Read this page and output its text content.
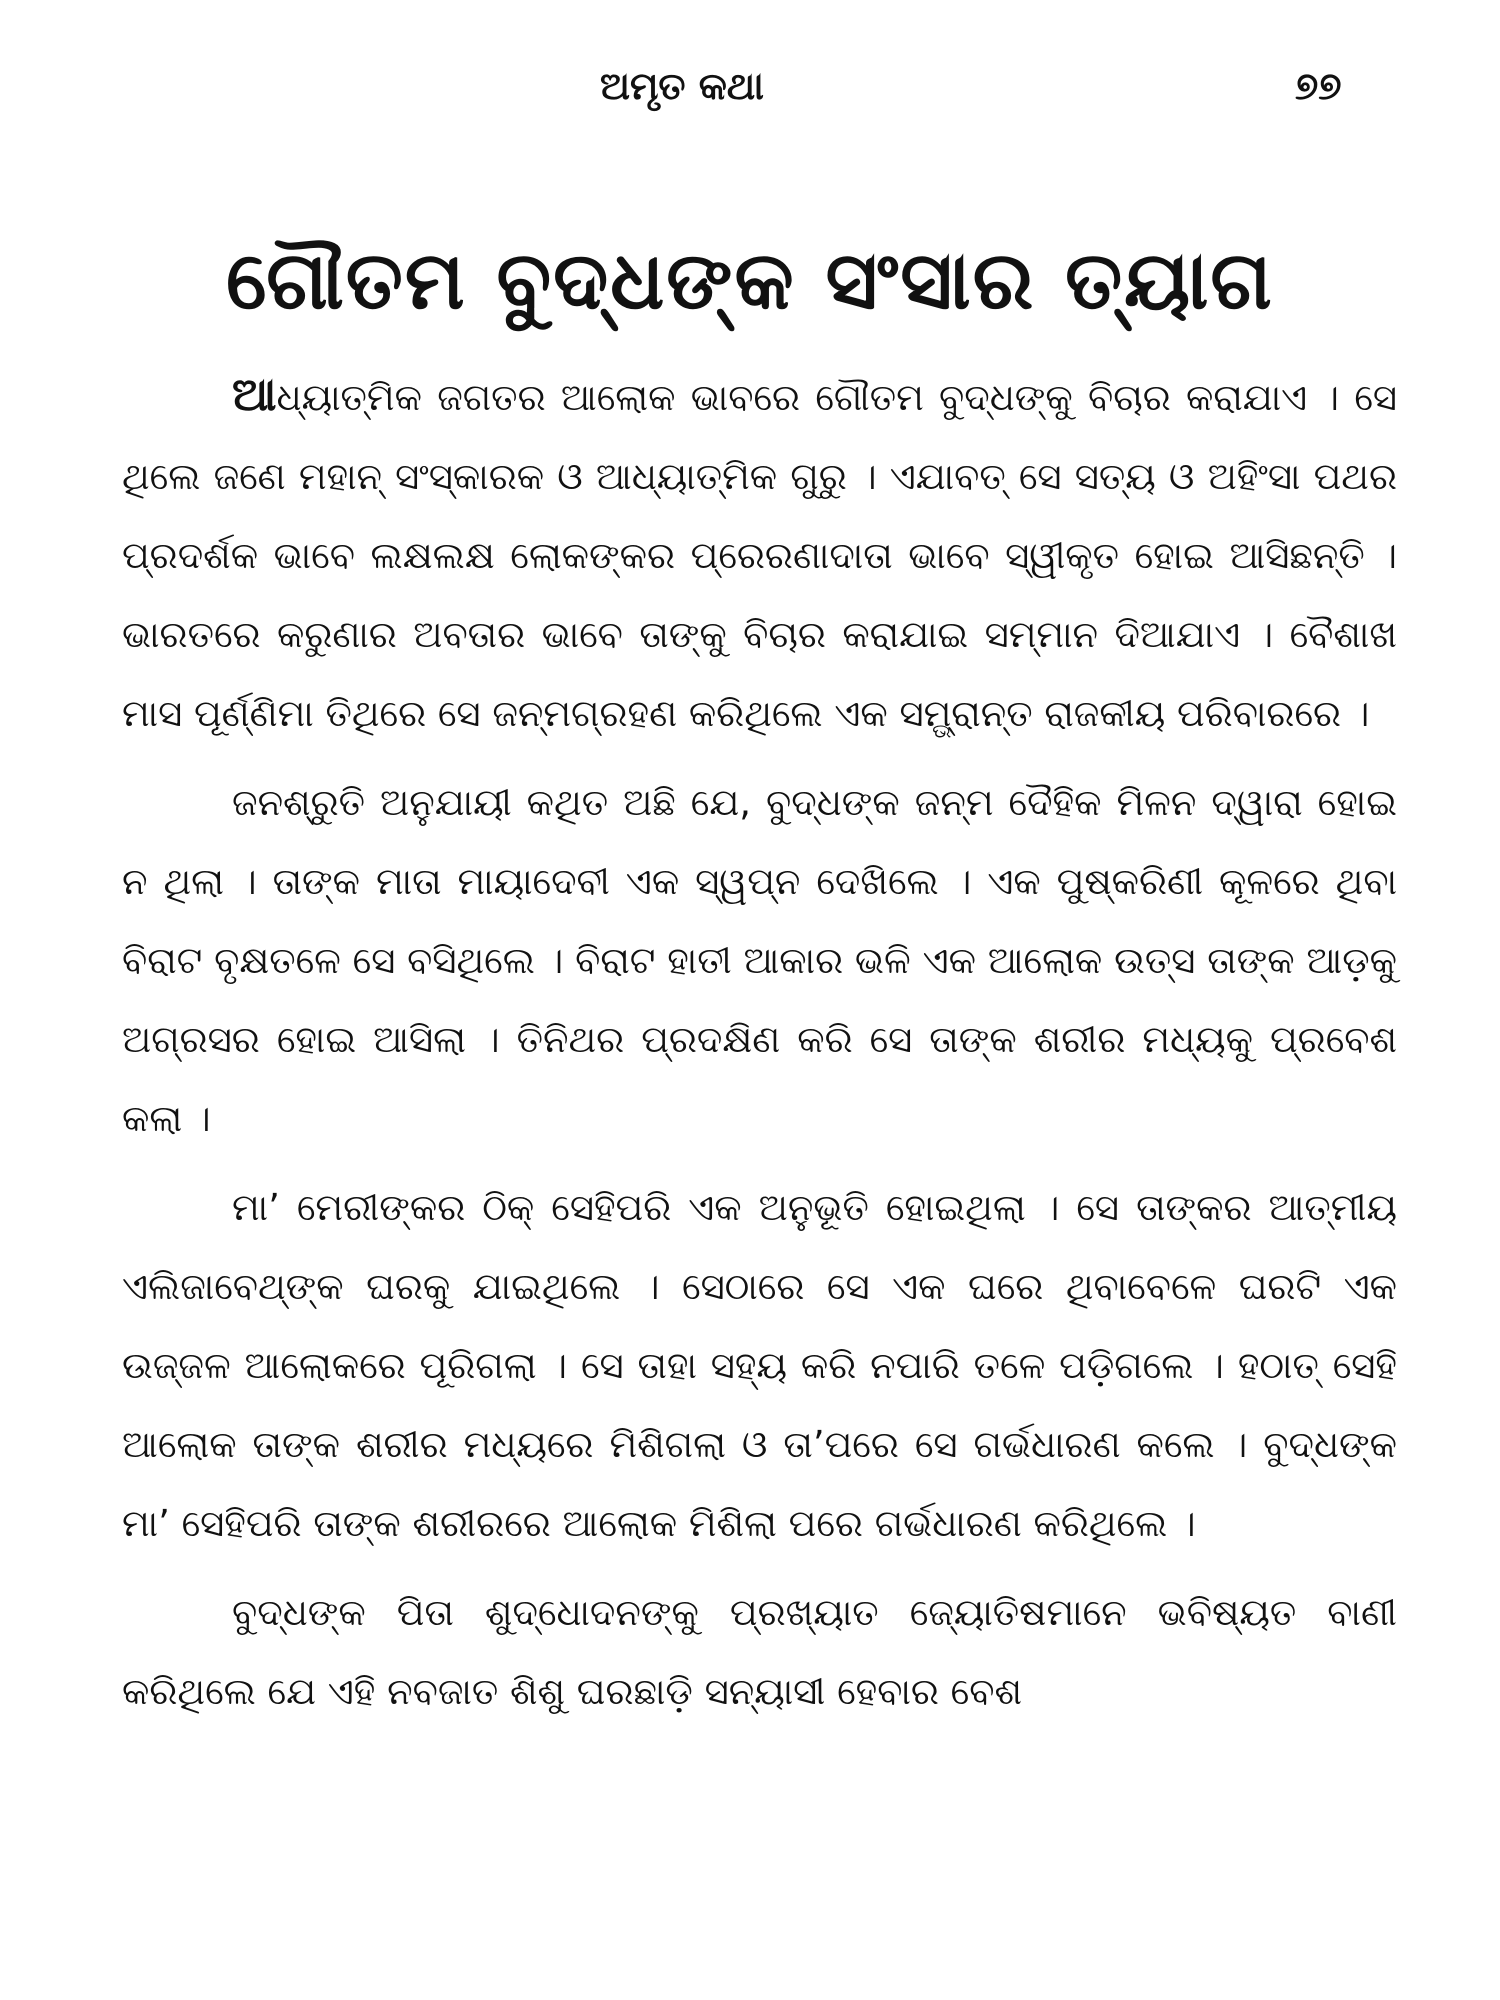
ଅମୃତ କଥା	୭୭
ଗୌତମ ବୁଦ୍ଧଙ୍କ ସଂସାର ତ୍ୟାଗ

ଆଧ୍ୟାତ୍ମିକ ଜଗତର ଆଲୋକ ଭାବରେ ଗୌତମ ବୁଦ୍ଧଙ୍କୁ ବିଚାର କରାଯାଏ । ସେ ଥିଲେ ଜଣେ ମହାନ୍ ସଂସ୍କାରକ ଓ ଆଧ୍ୟାତ୍ମିକ ଗୁରୁ । ଏଯାବତ୍ ସେ ସତ୍ୟ ଓ ଅହିଂସା ପଥର ପ୍ରଦର୍ଶକ ଭାବେ ଲକ୍ଷଲକ୍ଷ ଲୋକଙ୍କର ପ୍ରେରଣାଦାତା ଭାବେ ସ୍ୱୀକୃତ ହୋଇ ଆସିଛନ୍ତି । ଭାରତରେ କରୁଣାର ଅବତାର ଭାବେ ତାଙ୍କୁ ବିଚାର କରାଯାଇ ସମ୍ମାନ ଦିଆଯାଏ । ବୈଶାଖ ମାସ ପୂର୍ଣ୍ଣିମା ତିଥିରେ ସେ ଜନ୍ମଗ୍ରହଣ କରିଥିଲେ ଏକ ସମ୍ଭ୍ରାନ୍ତ ରାଜକୀୟ ପରିବାରରେ ।

ଜନଶ୍ରୁତି ଅନୁଯାୟୀ କଥିତ ଅଛି ଯେ, ବୁଦ୍ଧଙ୍କ ଜନ୍ମ ଦୈହିକ ମିଳନ ଦ୍ୱାରା ହୋଇ ନ ଥିଲା । ତାଙ୍କ ମାତା ମାୟାଦେବୀ ଏକ ସ୍ୱପ୍ନ ଦେଖିଲେ । ଏକ ପୁଷ୍କରିଣୀ କୂଳରେ ଥିବା ବିରାଟ ବୃକ୍ଷତଳେ ସେ ବସିଥିଲେ । ବିରାଟ ହାତୀ ଆକାର ଭଳି ଏକ ଆଲୋକ ଉତ୍ସ ତାଙ୍କ ଆଡ଼କୁ ଅଗ୍ରସର ହୋଇ ଆସିଲା । ତିନିଥର ପ୍ରଦକ୍ଷିଣ କରି ସେ ତାଙ୍କ ଶରୀର ମଧ୍ୟକୁ ପ୍ରବେଶ କଲା ।

ମା’ ମେରୀଙ୍କର ଠିକ୍ ସେହିପରି ଏକ ଅନୁଭୂତି ହୋଇଥିଲା । ସେ ତାଙ୍କର ଆତ୍ମୀୟ ଏଲିଜାବେଥ୍ଙ୍କ ଘରକୁ ଯାଇଥିଲେ । ସେଠାରେ ସେ ଏକ ଘରେ ଥିବାବେଳେ ଘରଟି ଏକ ଉଜ୍ଜଳ ଆଲୋକରେ ପୂରିଗଲା । ସେ ତାହା ସହ୍ୟ କରି ନପାରି ତଳେ ପଡ଼ିଗଲେ । ହଠାତ୍ ସେହି ଆଲୋକ ତାଙ୍କ ଶରୀର ମଧ୍ୟରେ ମିଶିଗଲା ଓ ତା’ପରେ ସେ ଗର୍ଭଧାରଣ କଲେ । ବୁଦ୍ଧଙ୍କ ମା’ ସେହିପରି ତାଙ୍କ ଶରୀରରେ ଆଲୋକ ମିଶିଲା ପରେ ଗର୍ଭଧାରଣ କରିଥିଲେ ।

ବୁଦ୍ଧଙ୍କ ପିତା ଶୁଦ୍ଧୋଦନଙ୍କୁ ପ୍ରଖ୍ୟାତ ଜ୍ୟୋତିଷମାନେ ଭବିଷ୍ୟତ ବାଣୀ କରିଥିଲେ ଯେ ଏହି ନବଜାତ ଶିଶୁ ଘରଛାଡ଼ି ସନ୍ୟାସୀ ହେବାର ବେଶ
